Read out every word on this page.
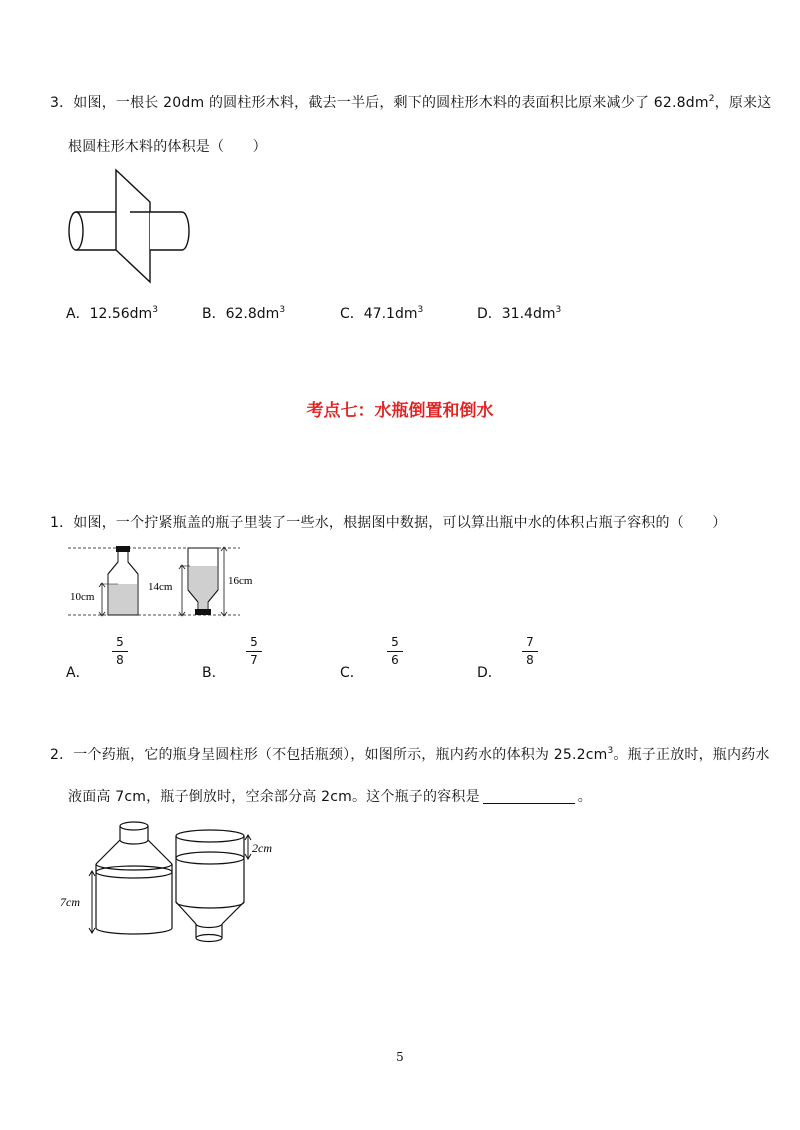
3．如图，一根长 20dm 的圆柱形木料，截去一半后，剩下的圆柱形木料的表面积比原来减少了 $62.8dm^2$，原来这
根圆柱形木料的体积是（　　）
A．$12.56dm^3$	B．$62.8dm^3$	C．$47.1dm^3$	D．$31.4dm^3$
考点七：水瓶倒置和倒水
1．如图，一个拧紧瓶盖的瓶子里装了一些水，根据图中数据，可以算出瓶中水的体积占瓶子容积的（　　）
10cm
14cm	16cm
A．
5
8
B．
5
7
C．
5
6
D．
7
8
2．一个药瓶，它的瓶身呈圆柱形（不包括瓶颈），如图所示，瓶内药水的体积为 $25.2cm^3$。瓶子正放时，瓶内药水
液面高 7cm，瓶子倒放时，空余部分高 2cm。这个瓶子的容积是	。
7cm
2cm
5
